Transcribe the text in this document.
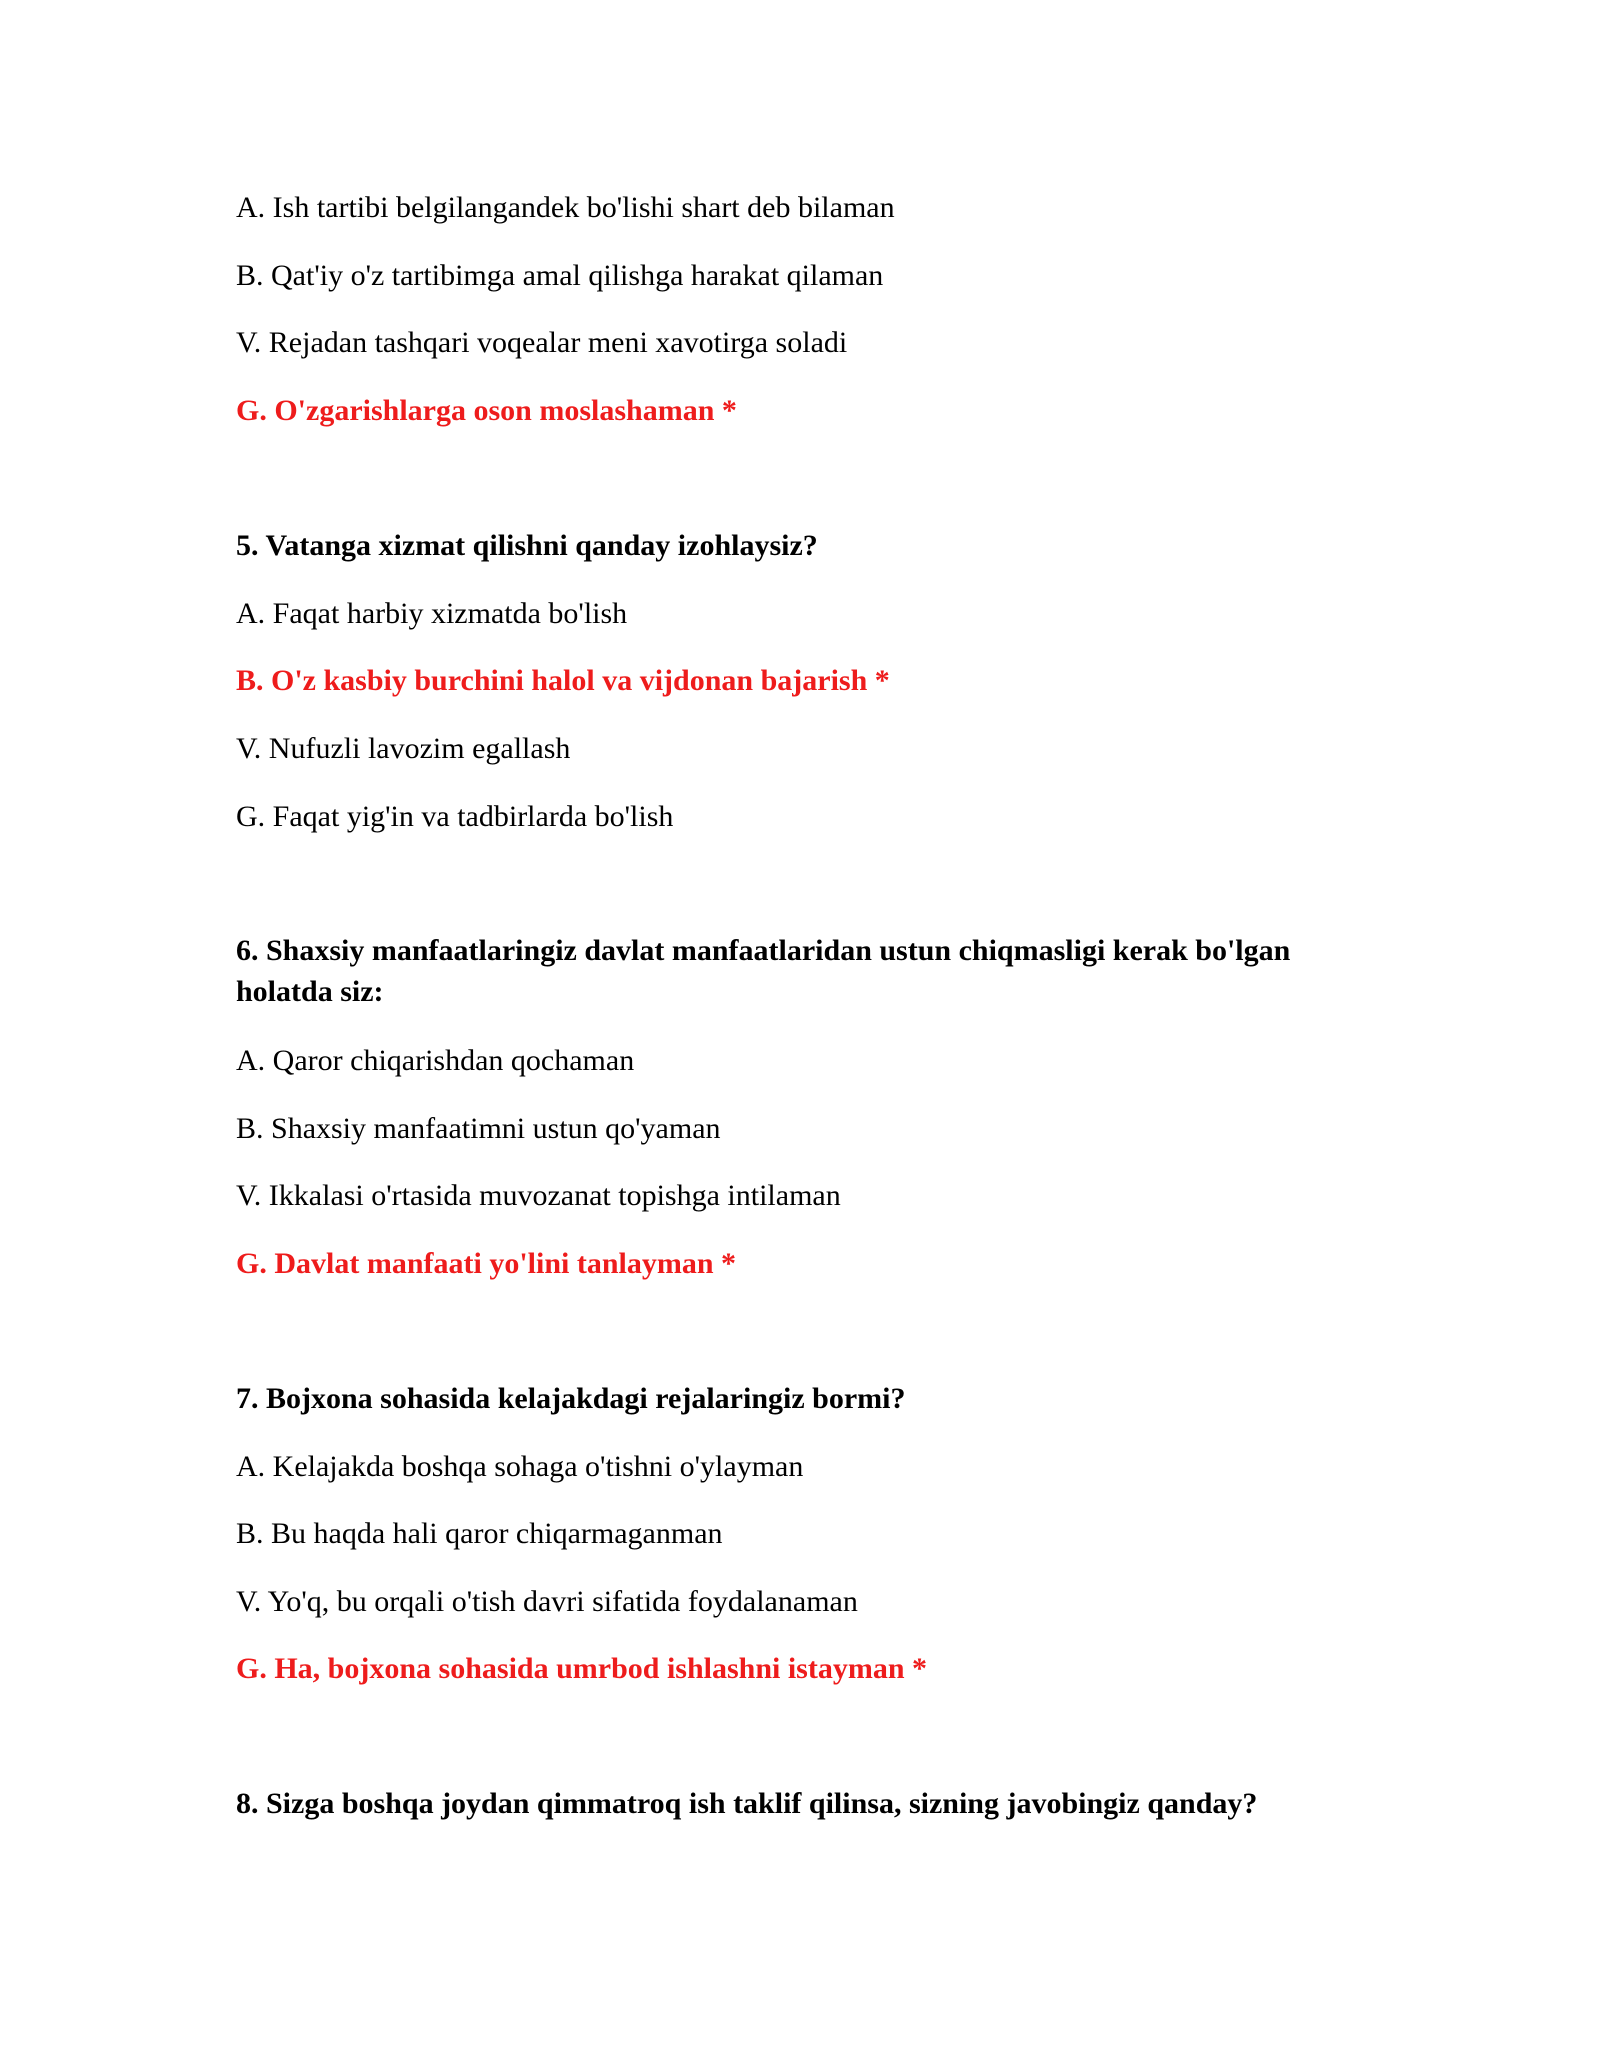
A. Ish tartibi belgilangandek bo'lishi shart deb bilaman

B. Qat'iy o'z tartibimga amal qilishga harakat qilaman

V. Rejadan tashqari voqealar meni xavotirga soladi

G. O'zgarishlarga oson moslashaman *

5. Vatanga xizmat qilishni qanday izohlaysiz?

A. Faqat harbiy xizmatda bo'lish

B. O'z kasbiy burchini halol va vijdonan bajarish *

V. Nufuzli lavozim egallash

G. Faqat yig'in va tadbirlarda bo'lish

6. Shaxsiy manfaatlaringiz davlat manfaatlaridan ustun chiqmasligi kerak bo'lgan holatda siz:

A. Qaror chiqarishdan qochaman

B. Shaxsiy manfaatimni ustun qo'yaman

V. Ikkalasi o'rtasida muvozanat topishga intilaman

G. Davlat manfaati yo'lini tanlayman *

7. Bojxona sohasida kelajakdagi rejalaringiz bormi?

A. Kelajakda boshqa sohaga o'tishni o'ylayman

B. Bu haqda hali qaror chiqarmaganman

V. Yo'q, bu orqali o'tish davri sifatida foydalanaman

G. Ha, bojxona sohasida umrbod ishlashni istayman *

8. Sizga boshqa joydan qimmatroq ish taklif qilinsa, sizning javobingiz qanday?
